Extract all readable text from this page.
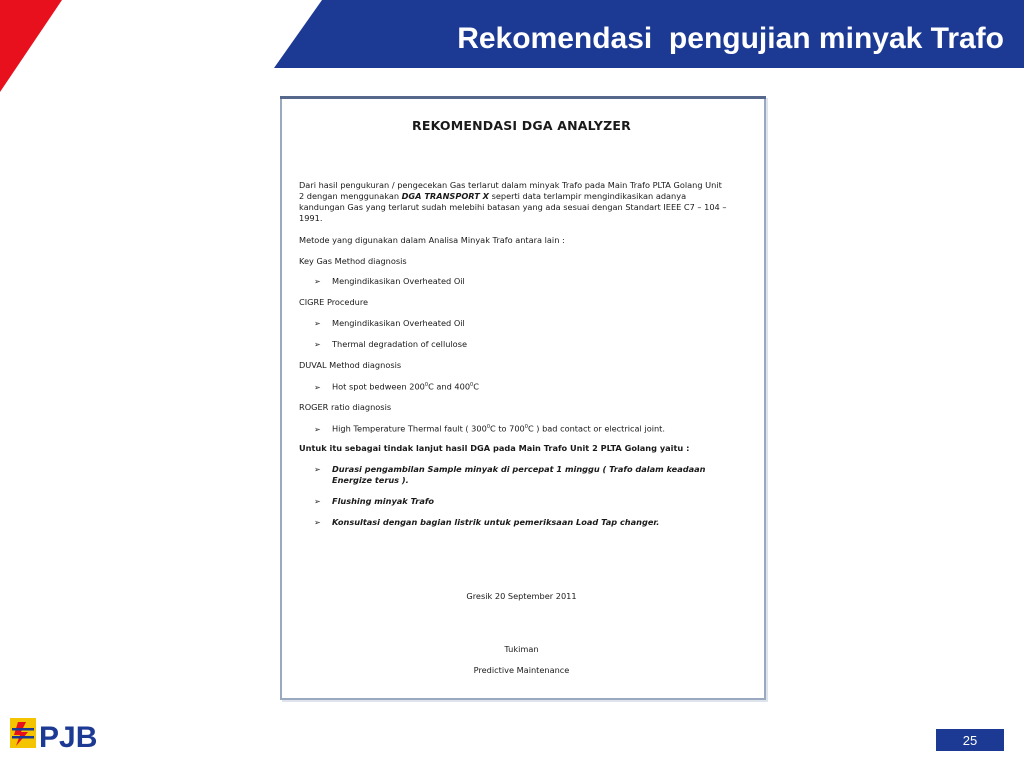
Rekomendasi  pengujian minyak Trafo
REKOMENDASI DGA ANALYZER
Dari hasil pengukuran / pengecekan Gas terlarut dalam minyak Trafo pada Main Trafo PLTA Golang Unit
2 dengan menggunakan DGA TRANSPORT X seperti data terlampir mengindikasikan adanya
kandungan Gas yang terlarut sudah melebihi batasan yang ada sesuai dengan Standart IEEE C7 – 104 –
1991.
Metode yang digunakan dalam Analisa Minyak Trafo antara lain :
Key Gas Method diagnosis
➢ Mengindikasikan Overheated Oil
CIGRE Procedure
➢ Mengindikasikan Overheated Oil
➢ Thermal degradation of cellulose
DUVAL Method diagnosis
➢ Hot spot bedween $200^0C$ and $400^0C$
ROGER ratio diagnosis
➢ High Temperature Thermal fault ( $300^0C$ to $700^0C$ ) bad contact or electrical joint.
Untuk itu sebagai tindak lanjut hasil DGA pada Main Trafo Unit 2 PLTA Golang yaitu :
➢	Durasi pengambilan Sample minyak di percepat 1 minggu ( Trafo dalam keadaan
Energize terus ).
➢	Flushing minyak Trafo
➢	Konsultasi dengan bagian listrik untuk pemeriksaan Load Tap changer.
Gresik 20 September 2011
Tukiman
Predictive Maintenance
PJB	25
